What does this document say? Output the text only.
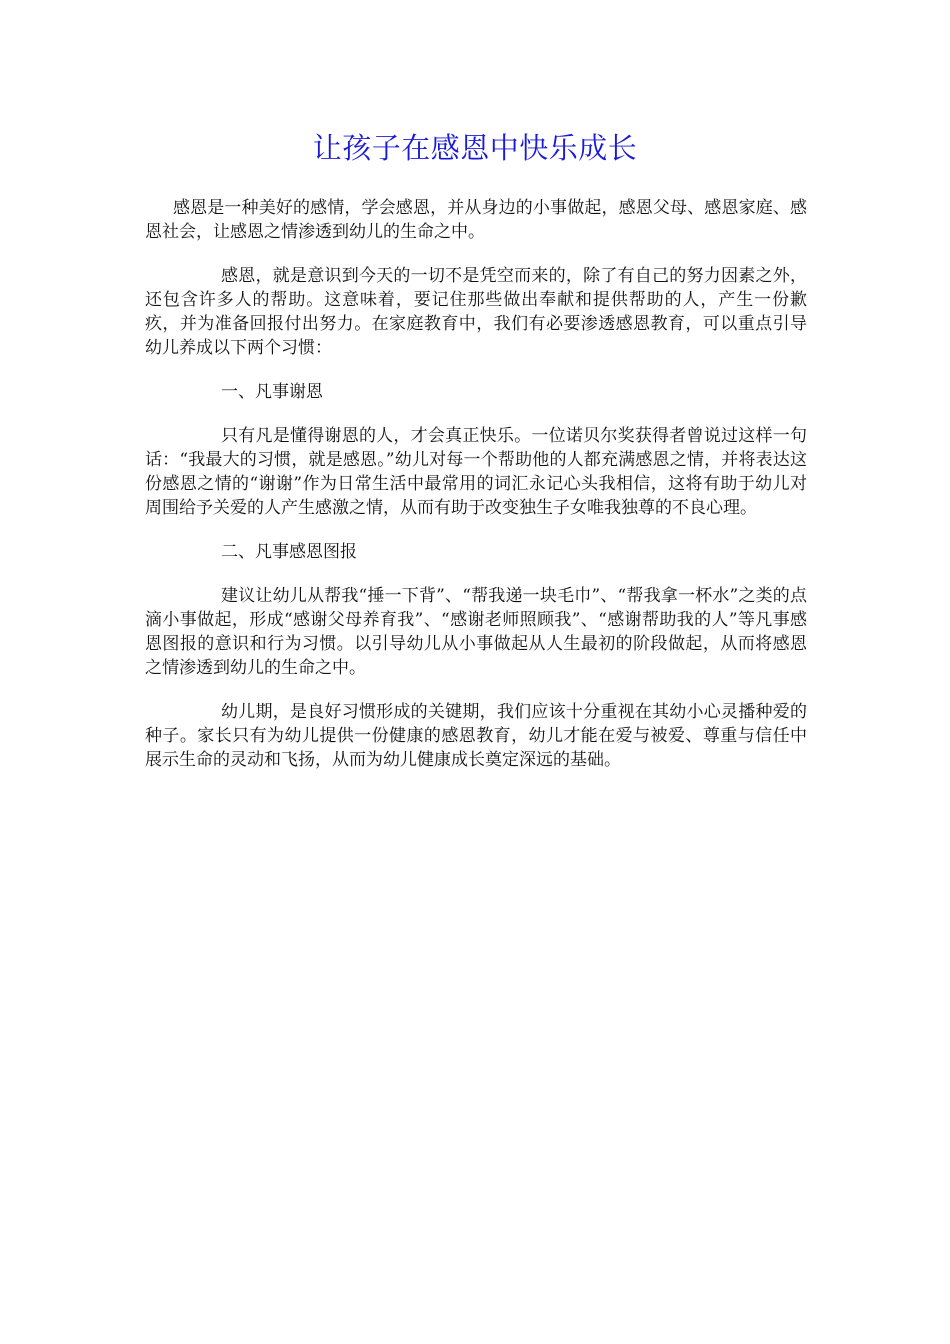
让孩子在感恩中快乐成长

感恩是一种美好的感情，学会感恩，并从身边的小事做起，感恩父母、感恩家庭、感恩社会，让感恩之情渗透到幼儿的生命之中。

感恩，就是意识到今天的一切不是凭空而来的，除了有自己的努力因素之外，还包含许多人的帮助。这意味着，要记住那些做出奉献和提供帮助的人，产生一份歉疚，并为准备回报付出努力。在家庭教育中，我们有必要渗透感恩教育，可以重点引导幼儿养成以下两个习惯：

一、凡事谢恩

只有凡是懂得谢恩的人，才会真正快乐。一位诺贝尔奖获得者曾说过这样一句话：“我最大的习惯，就是感恩。”幼儿对每一个帮助他的人都充满感恩之情，并将表达这份感恩之情的“谢谢”作为日常生活中最常用的词汇永记心头我相信，这将有助于幼儿对周围给予关爱的人产生感激之情，从而有助于改变独生子女唯我独尊的不良心理。

二、凡事感恩图报

建议让幼儿从帮我“捶一下背”、“帮我递一块毛巾”、“帮我拿一杯水”之类的点滴小事做起，形成“感谢父母养育我”、“感谢老师照顾我”、“感谢帮助我的人”等凡事感恩图报的意识和行为习惯。以引导幼儿从小事做起从人生最初的阶段做起，从而将感恩之情渗透到幼儿的生命之中。

幼儿期，是良好习惯形成的关键期，我们应该十分重视在其幼小心灵播种爱的种子。家长只有为幼儿提供一份健康的感恩教育，幼儿才能在爱与被爱、尊重与信任中展示生命的灵动和飞扬，从而为幼儿健康成长奠定深远的基础。
